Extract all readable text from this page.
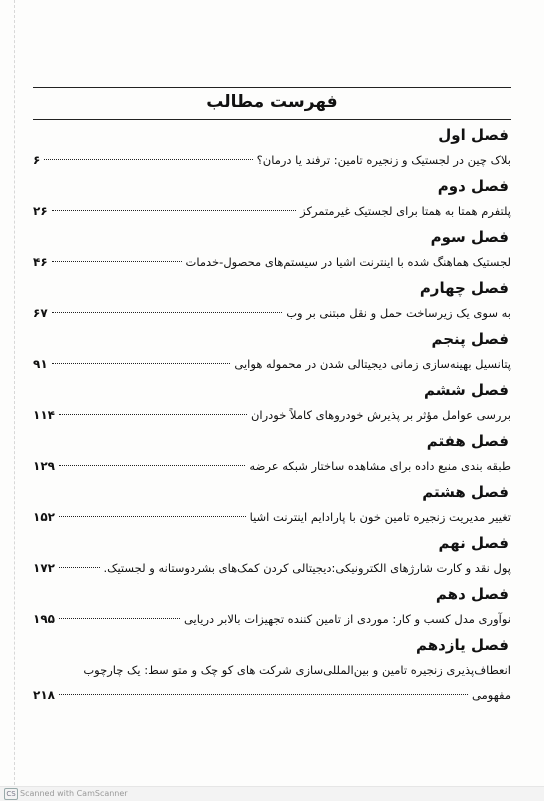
فهرست مطالب
فصل اول
بلاک چین در لجستیک و زنجیره تامین: ترفند یا درمان؟
۶
فصل دوم
پلتفرم همتا به همتا برای لجستیک غیرمتمرکز
۲۶
فصل سوم
لجستیک هماهنگ شده با اینترنت اشیا در سیستم‌های محصول-خدمات
۴۶
فصل چهارم
به سوی یک زیرساخت حمل و نقل مبتنی بر وب
۶۷
فصل پنجم
پتانسیل بهینه‌سازی زمانی دیجیتالی شدن در محموله هوایی
۹۱
فصل ششم
بررسی عوامل مؤثر بر پذیرش خودروهای کاملاً خودران
۱۱۴
فصل هفتم
طبقه بندی منبع داده برای مشاهده ساختار شبکه عرضه
۱۲۹
فصل هشتم
تغییر مدیریت زنجیره تامین خون با پارادایم اینترنت اشیا
۱۵۲
فصل نهم
پول نقد و کارت شارژهای الکترونیکی:دیجیتالی کردن کمک‌های بشردوستانه و لجستیک.
۱۷۲
فصل دهم
نوآوری مدل کسب و کار: موردی از تامین کننده تجهیزات بالابر دریایی
۱۹۵
فصل یازدهم
انعطاف‌پذیری زنجیره تامین و بین‌المللی‌سازی شرکت های کو چک و متو سط: یک چارچوب
مفهومی
۲۱۸
CS Scanned with CamScanner
